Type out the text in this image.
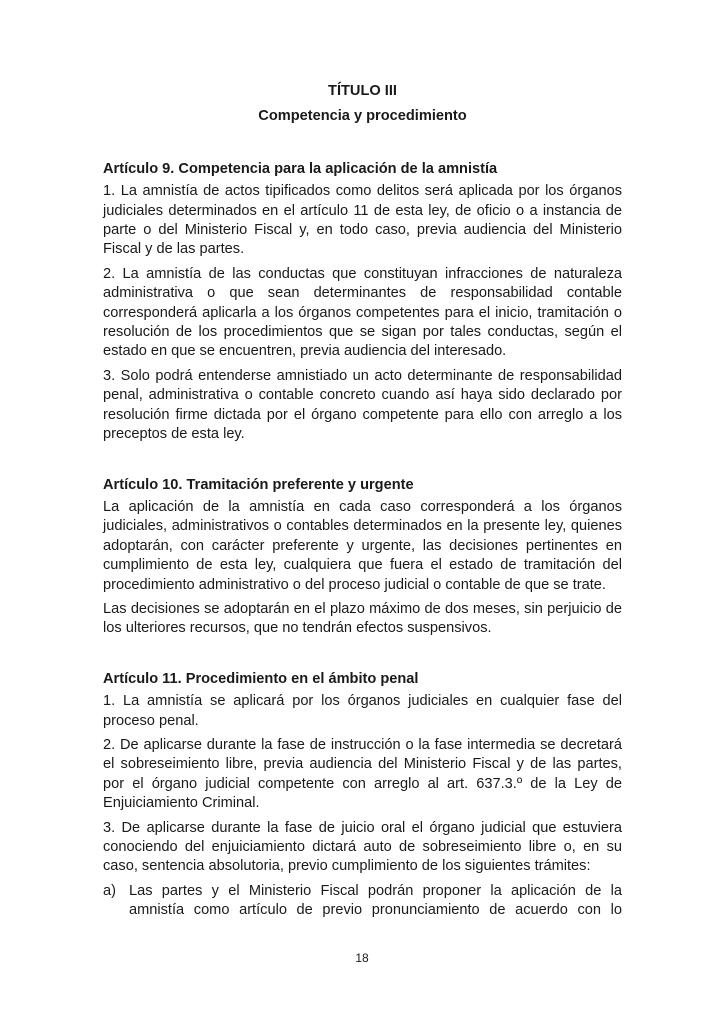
TÍTULO III
Competencia y procedimiento
Artículo 9. Competencia para la aplicación de la amnistía

1. La amnistía de actos tipificados como delitos será aplicada por los órganos judiciales determinados en el artículo 11 de esta ley, de oficio o a instancia de parte o del Ministerio Fiscal y, en todo caso, previa audiencia del Ministerio Fiscal y de las partes.

2. La amnistía de las conductas que constituyan infracciones de naturaleza administrativa o que sean determinantes de responsabilidad contable corresponderá aplicarla a los órganos competentes para el inicio, tramitación o resolución de los procedimientos que se sigan por tales conductas, según el estado en que se encuentren, previa audiencia del interesado.

3. Solo podrá entenderse amnistiado un acto determinante de responsabilidad penal, administrativa o contable concreto cuando así haya sido declarado por resolución firme dictada por el órgano competente para ello con arreglo a los preceptos de esta ley.

Artículo 10. Tramitación preferente y urgente

La aplicación de la amnistía en cada caso corresponderá a los órganos judiciales, administrativos o contables determinados en la presente ley, quienes adoptarán, con carácter preferente y urgente, las decisiones pertinentes en cumplimiento de esta ley, cualquiera que fuera el estado de tramitación del procedimiento administrativo o del proceso judicial o contable de que se trate.

Las decisiones se adoptarán en el plazo máximo de dos meses, sin perjuicio de los ulteriores recursos, que no tendrán efectos suspensivos.

Artículo 11. Procedimiento en el ámbito penal

1. La amnistía se aplicará por los órganos judiciales en cualquier fase del proceso penal.

2. De aplicarse durante la fase de instrucción o la fase intermedia se decretará el sobreseimiento libre, previa audiencia del Ministerio Fiscal y de las partes, por el órgano judicial competente con arreglo al art. 637.3.º de la Ley de Enjuiciamiento Criminal.

3. De aplicarse durante la fase de juicio oral el órgano judicial que estuviera conociendo del enjuiciamiento dictará auto de sobreseimiento libre o, en su caso, sentencia absolutoria, previo cumplimiento de los siguientes trámites:

a) Las partes y el Ministerio Fiscal podrán proponer la aplicación de la amnistía como artículo de previo pronunciamiento de acuerdo con lo
18
